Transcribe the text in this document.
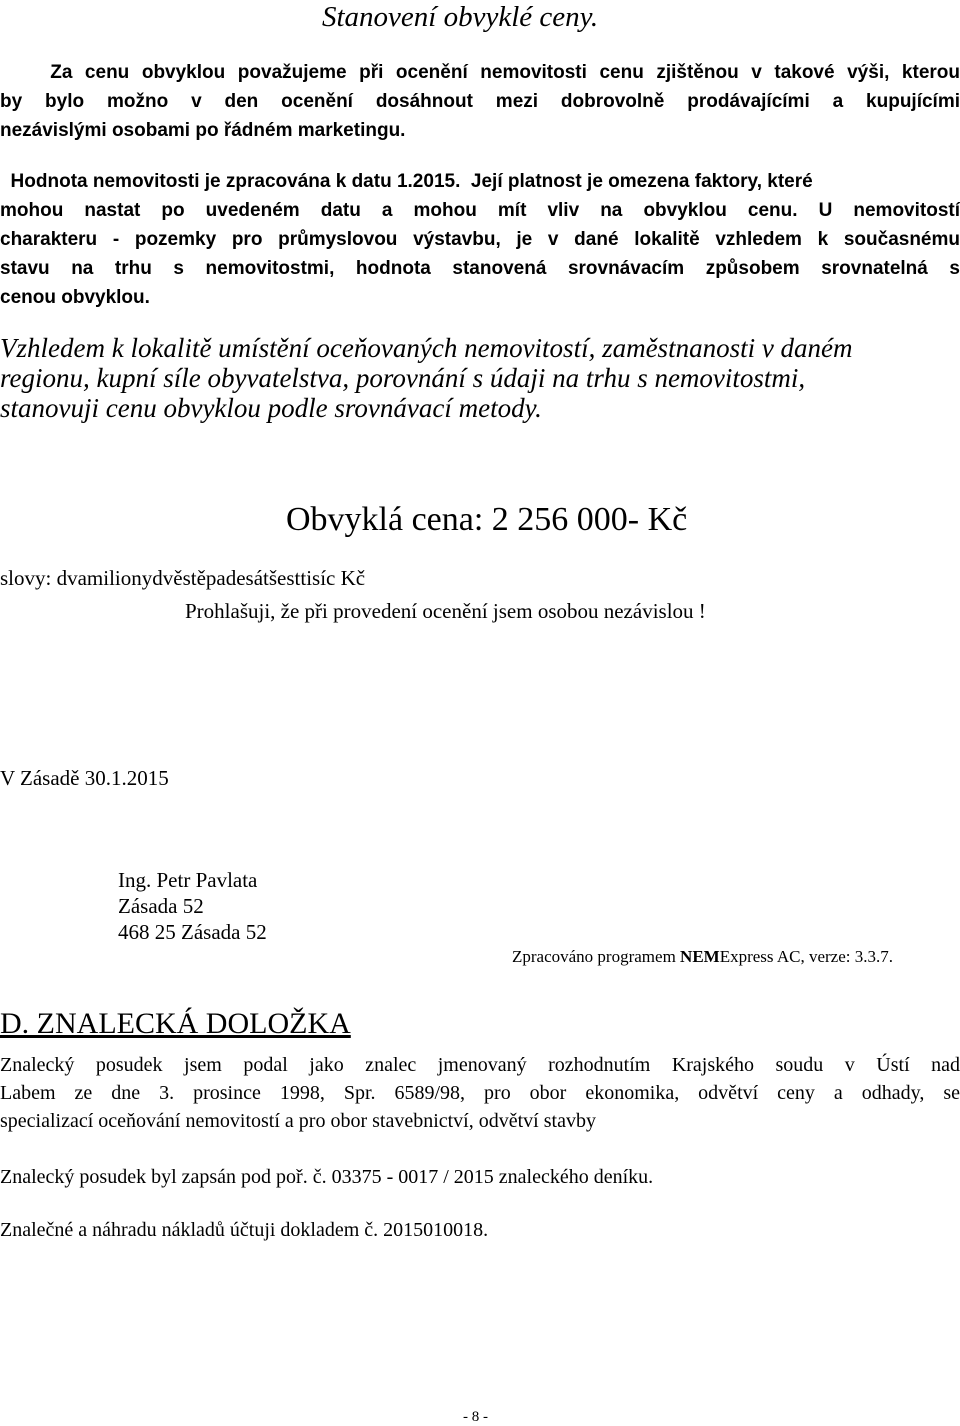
Stanovení obvyklé ceny.
Za cenu obvyklou považujeme při ocenění nemovitosti cenu zjištěnou v takové výši, kterou
by bylo možno v den ocenění dosáhnout mezi dobrovolně prodávajícími a kupujícími
nezávislými osobami po řádném marketingu.
Hodnota nemovitosti je zpracována k datu 1.2015.  Její platnost je omezena faktory, které
mohou nastat po uvedeném datu a mohou mít vliv na obvyklou cenu. U nemovitostí
charakteru - pozemky pro průmyslovou výstavbu, je v dané lokalitě vzhledem k současnému
stavu na trhu s nemovitostmi, hodnota stanovená srovnávacím způsobem srovnatelná s
cenou obvyklou.
Vzhledem k lokalitě umístění oceňovaných nemovitostí, zaměstnanosti v daném
regionu, kupní síle obyvatelstva, porovnání s údaji na trhu s nemovitostmi,
stanovuji cenu obvyklou podle srovnávací metody.
Obvyklá cena: 2 256 000- Kč
slovy: dvamilionydvěstěpadesátšesttisíc Kč
Prohlašuji, že při provedení ocenění jsem osobou nezávislou !
V Zásadě 30.1.2015
Ing. Petr Pavlata
Zásada 52
468 25 Zásada 52
Zpracováno programem NEMExpress AC, verze: 3.3.7.
D. ZNALECKÁ DOLOŽKA
Znalecký posudek jsem podal jako znalec jmenovaný rozhodnutím Krajského soudu v Ústí nad
Labem ze dne 3. prosince 1998, Spr. 6589/98, pro obor ekonomika, odvětví ceny a odhady, se
specializací oceňování nemovitostí a pro obor stavebnictví, odvětví stavby
Znalecký posudek byl zapsán pod poř. č. 03375 - 0017 / 2015 znaleckého deníku.
Znalečné a náhradu nákladů účtuji dokladem č. 2015010018.
- 8 -
